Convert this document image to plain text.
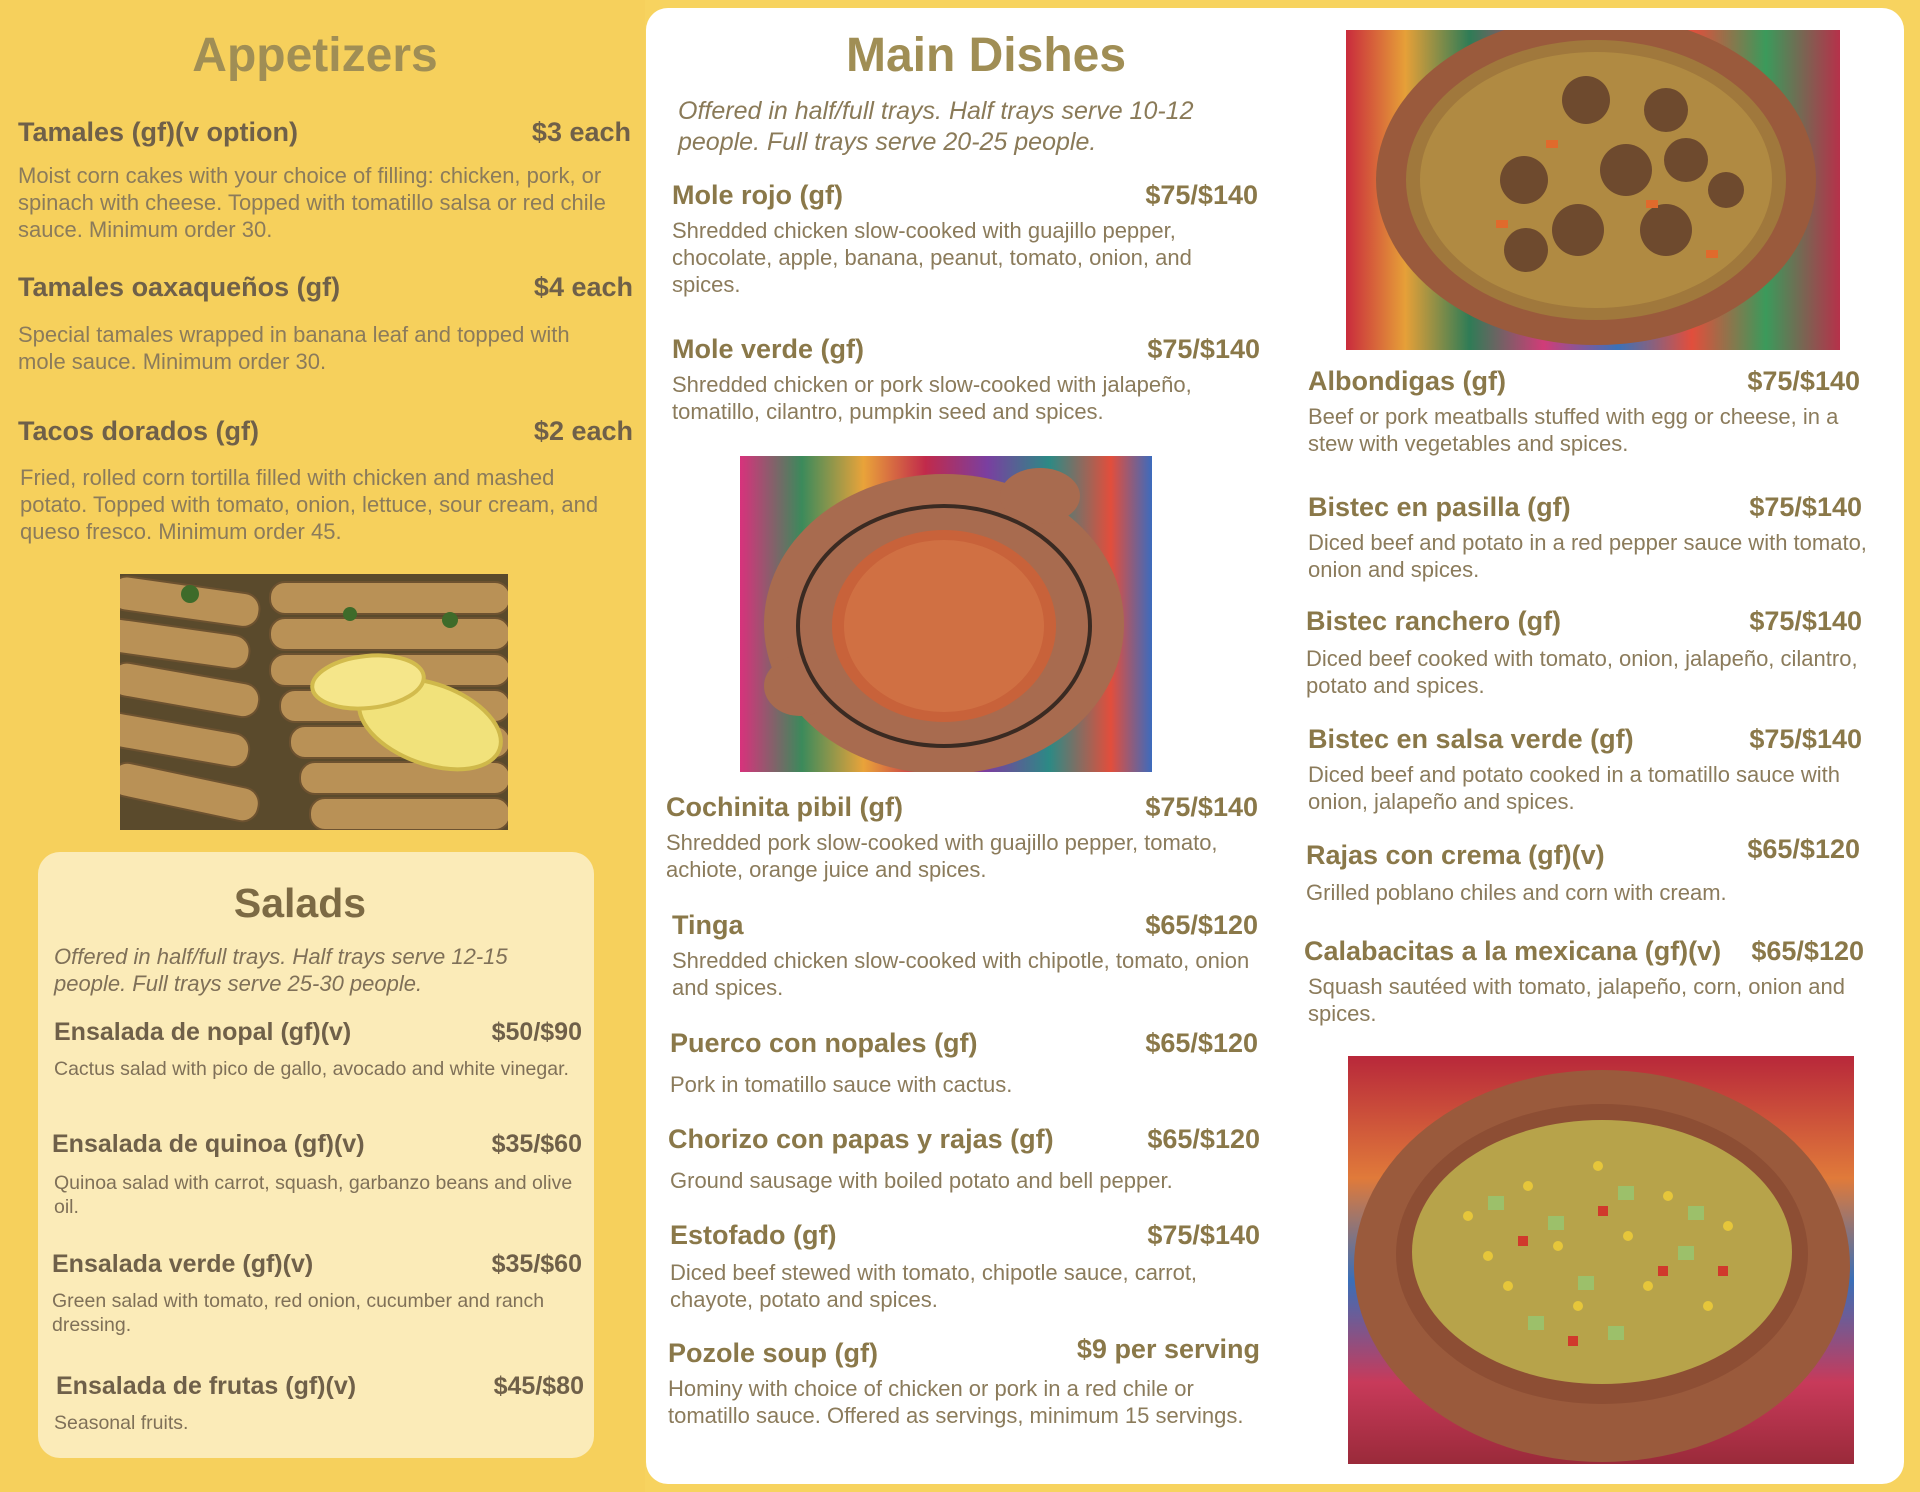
Appetizers
Tamales (gf)(v option)	$3 each
Moist corn cakes with your choice of filling: chicken, pork, or spinach with cheese. Topped with tomatillo salsa or red chile sauce. Minimum order 30.
Tamales oaxaqueños (gf)	$4 each
Special tamales wrapped in banana leaf and topped with mole sauce. Minimum order 30.
Tacos dorados (gf)	$2 each
Fried, rolled corn tortilla filled with chicken and mashed potato. Topped with tomato, onion, lettuce, sour cream, and queso fresco. Minimum order 45.
Salads
Offered in half/full trays. Half trays serve 12-15 people. Full trays serve 25-30 people.
Ensalada de nopal (gf)(v)	$50/$90
Cactus salad with pico de gallo, avocado and white vinegar.
Ensalada de quinoa (gf)(v)	$35/$60
Quinoa salad with carrot, squash, garbanzo beans and olive oil.
Ensalada verde (gf)(v)	$35/$60
Green salad with tomato, red onion, cucumber and ranch dressing.
Ensalada de frutas (gf)(v)	$45/$80
Seasonal fruits.
Main Dishes
Offered in half/full trays. Half trays serve 10-12 people. Full trays serve 20-25 people.
Mole rojo (gf)	$75/$140
Shredded chicken slow-cooked with guajillo pepper, chocolate, apple, banana, peanut, tomato, onion, and spices.
Mole verde (gf)	$75/$140
Shredded chicken or pork slow-cooked with jalapeño, tomatillo, cilantro, pumpkin seed and spices.
Cochinita pibil (gf)	$75/$140
Shredded pork slow-cooked with guajillo pepper, tomato, achiote, orange juice and spices.
Tinga	$65/$120
Shredded chicken slow-cooked with chipotle, tomato, onion and spices.
Puerco con nopales (gf)	$65/$120
Pork in tomatillo sauce with cactus.
Chorizo con papas y rajas (gf)	$65/$120
Ground sausage with boiled potato and bell pepper.
Estofado (gf)	$75/$140
Diced beef stewed with tomato, chipotle sauce, carrot, chayote, potato and spices.
Pozole soup (gf)	$9 per serving
Hominy with choice of chicken or pork in a red chile or tomatillo sauce. Offered as servings, minimum 15 servings.
Albondigas (gf)	$75/$140
Beef or pork meatballs stuffed with egg or cheese, in a stew with vegetables and spices.
Bistec en pasilla (gf)	$75/$140
Diced beef and potato in a red pepper sauce with tomato, onion and spices.
Bistec ranchero (gf)	$75/$140
Diced beef cooked with tomato, onion, jalapeño, cilantro, potato and spices.
Bistec en salsa verde (gf)	$75/$140
Diced beef and potato cooked in a tomatillo sauce with onion, jalapeño and spices.
Rajas con crema (gf)(v)	$65/$120
Grilled poblano chiles and corn with cream.
Calabacitas a la mexicana (gf)(v)	$65/$120
Squash sautéed with tomato, jalapeño, corn, onion and spices.
